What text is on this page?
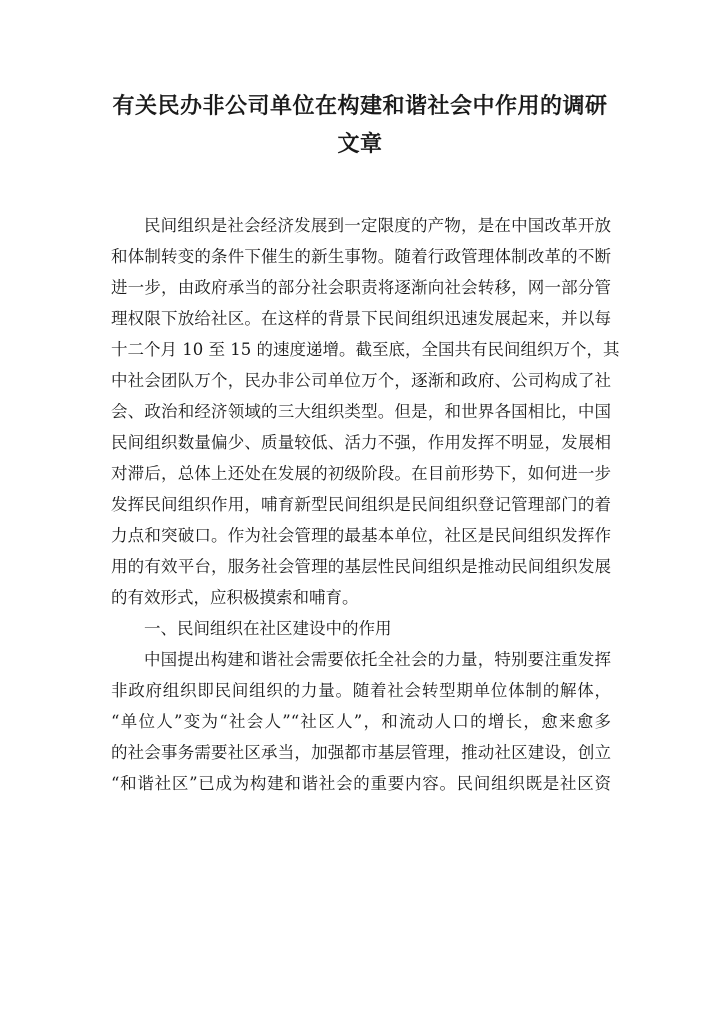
有关民办非公司单位在构建和谐社会中作用的调研
文章
民间组织是社会经济发展到一定限度的产物，是在中国改革开放
和体制转变的条件下催生的新生事物。随着行政管理体制改革的不断
进一步，由政府承当的部分社会职责将逐渐向社会转移，网一部分管
理权限下放给社区。在这样的背景下民间组织迅速发展起来，并以每
十二个月 10 至 15 的速度递增。截至底，全国共有民间组织万个，其
中社会团队万个，民办非公司单位万个，逐渐和政府、公司构成了社
会、政治和经济领域的三大组织类型。但是，和世界各国相比，中国
民间组织数量偏少、质量较低、活力不强，作用发挥不明显，发展相
对滞后，总体上还处在发展的初级阶段。在目前形势下，如何进一步
发挥民间组织作用，哺育新型民间组织是民间组织登记管理部门的着
力点和突破口。作为社会管理的最基本单位，社区是民间组织发挥作
用的有效平台，服务社会管理的基层性民间组织是推动民间组织发展
的有效形式，应积极摸索和哺育。
一、民间组织在社区建设中的作用
中国提出构建和谐社会需要依托全社会的力量，特别要注重发挥
非政府组织即民间组织的力量。随着社会转型期单位体制的解体，
“单位人”变为“社会人”“社区人”，和流动人口的增长，愈来愈多
的社会事务需要社区承当，加强都市基层管理，推动社区建设，创立
“和谐社区”已成为构建和谐社会的重要内容。民间组织既是社区资
